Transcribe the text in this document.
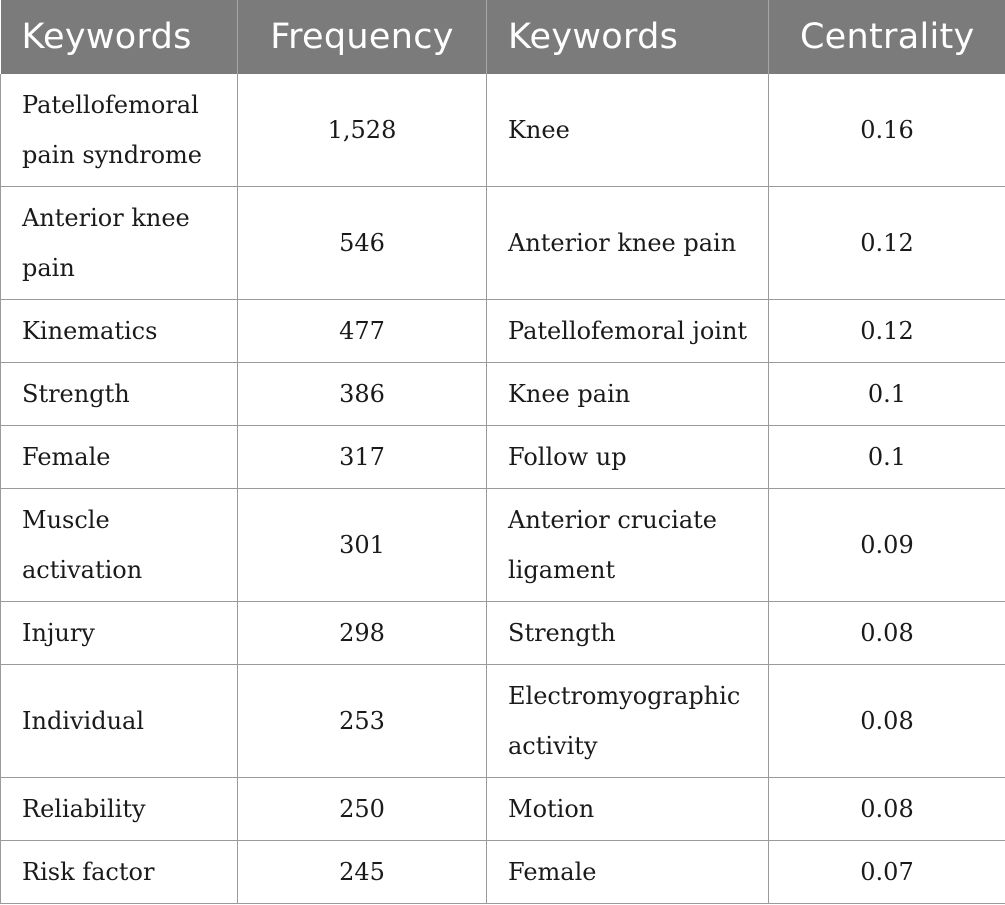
Keywords	Frequency	Keywords	Centrality
Patellofemoral pain syndrome	1,528	Knee	0.16
Anterior knee pain	546	Anterior knee pain	0.12
Kinematics	477	Patellofemoral joint	0.12
Strength	386	Knee pain	0.1
Female	317	Follow up	0.1
Muscle activation	301	Anterior cruciate ligament	0.09
Injury	298	Strength	0.08
Individual	253	Electromyographic activity	0.08
Reliability	250	Motion	0.08
Risk factor	245	Female	0.07
